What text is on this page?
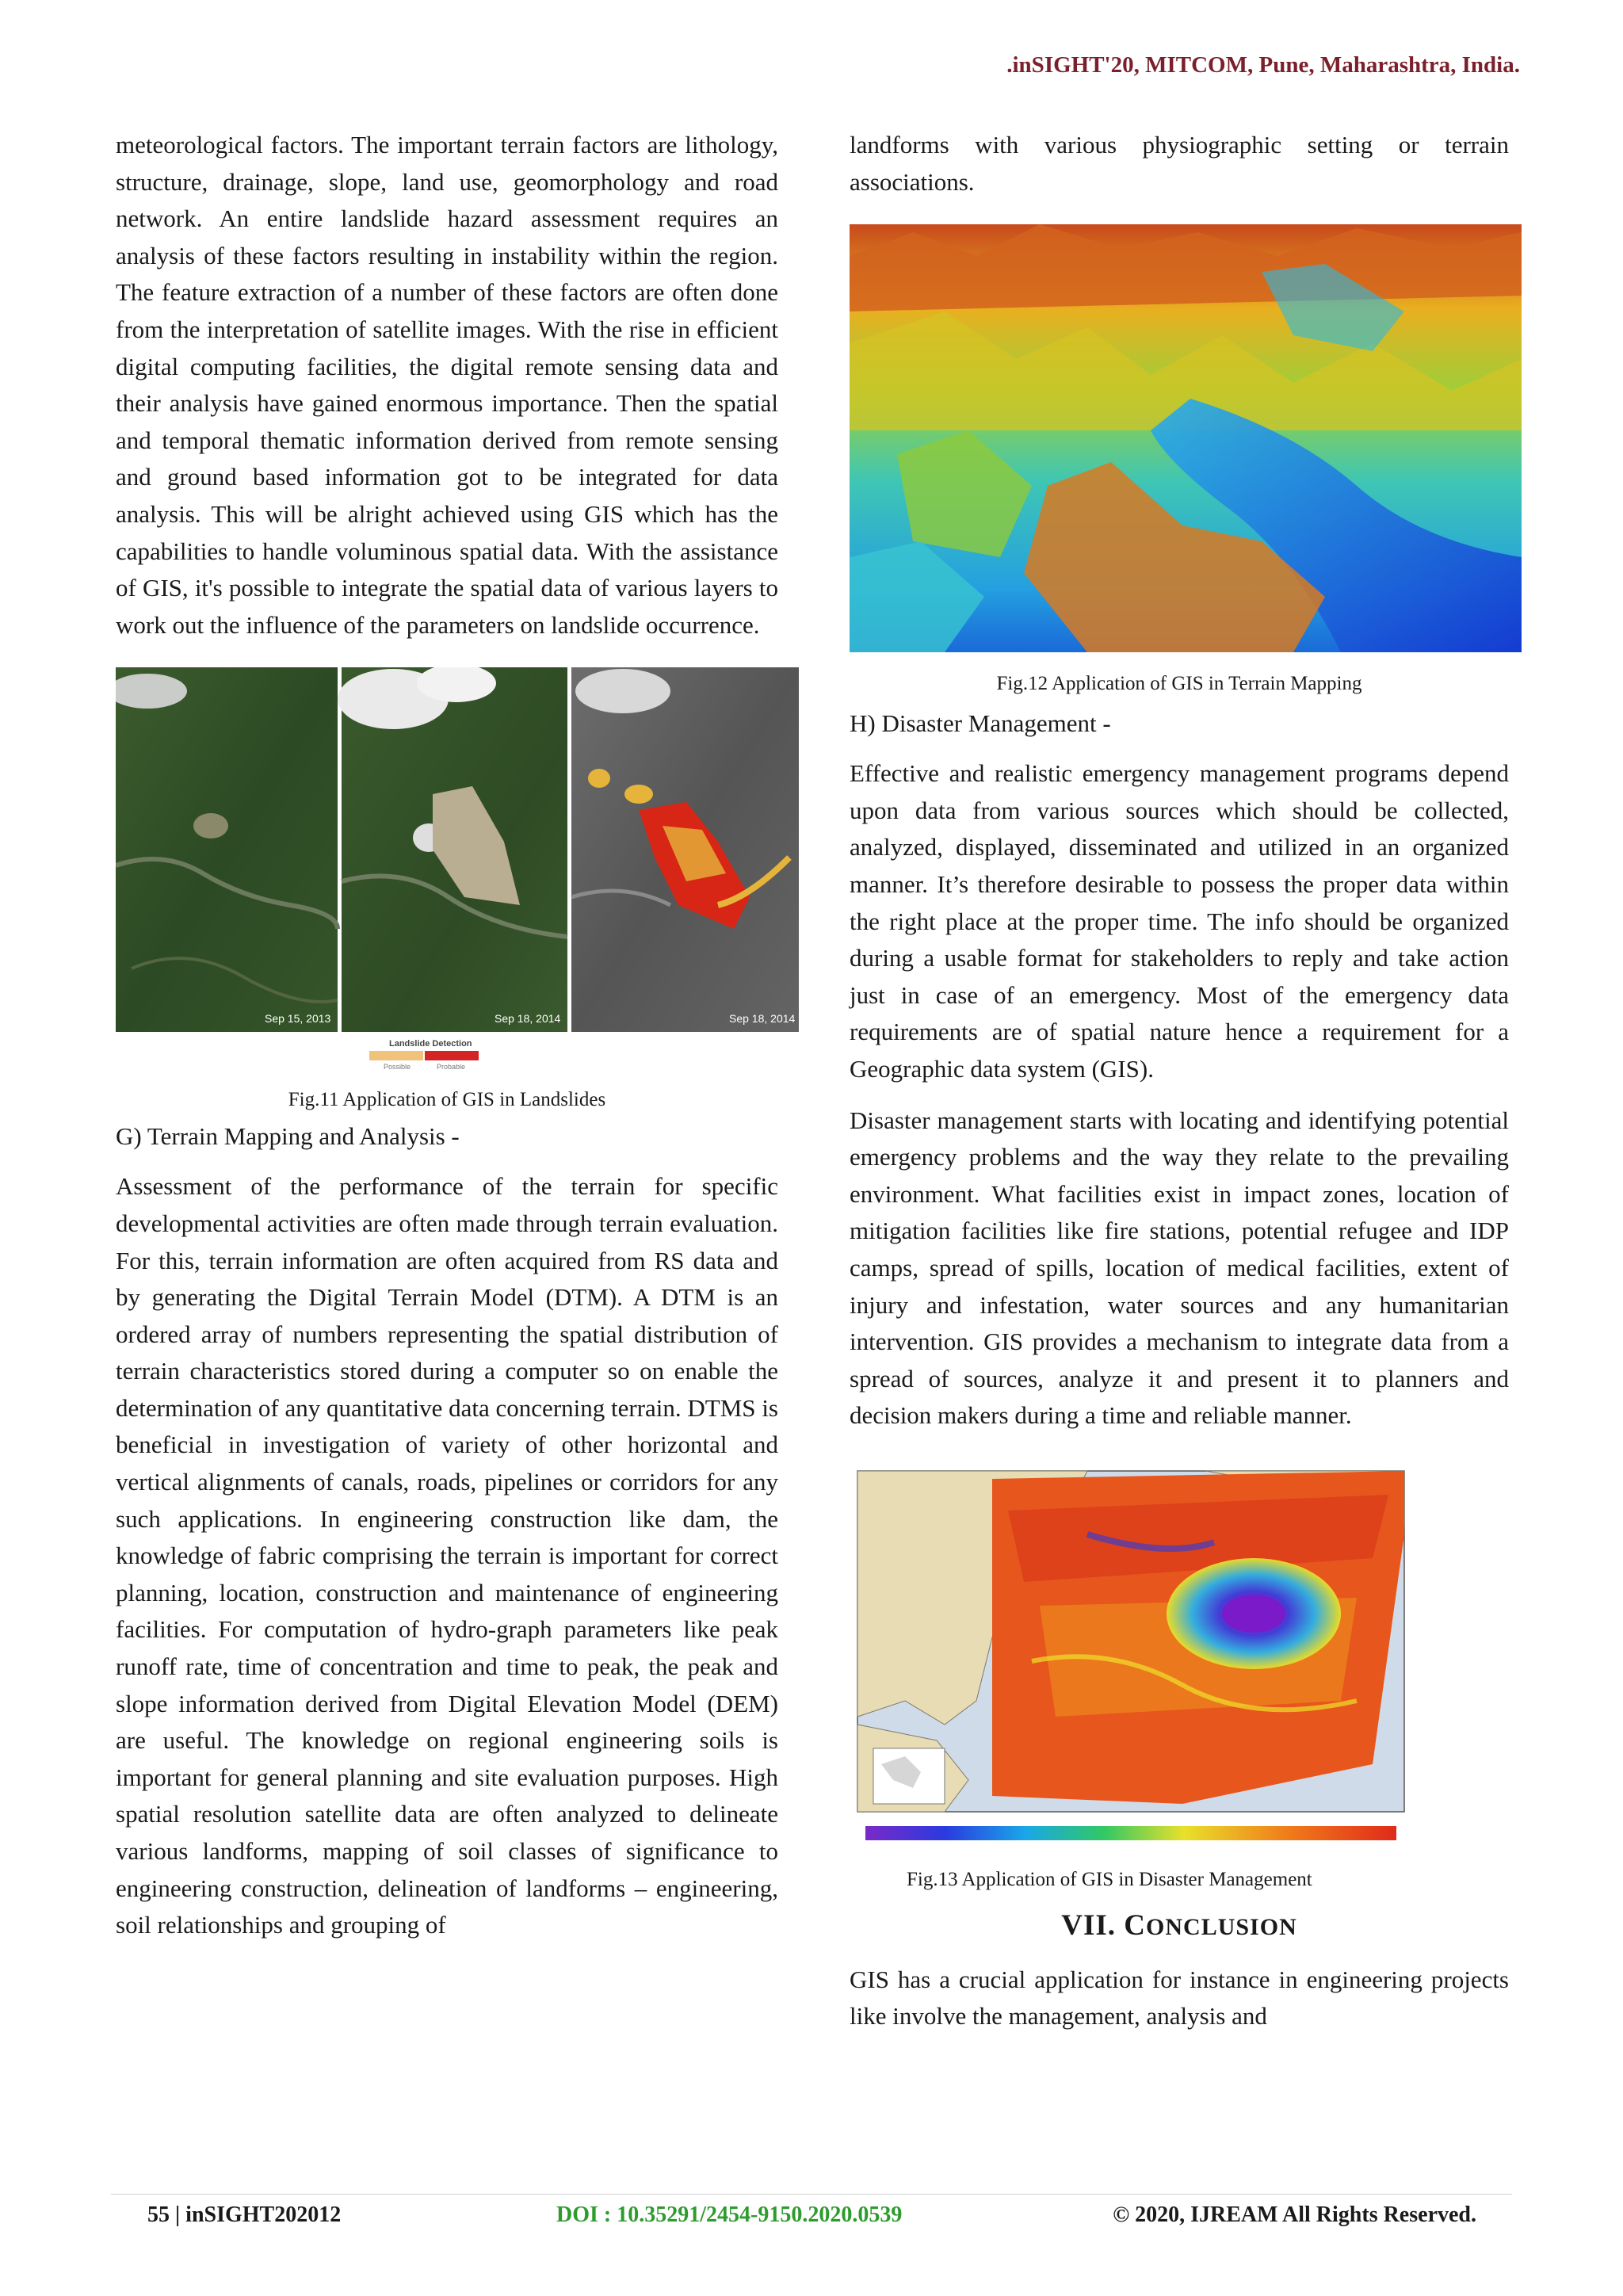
.inSIGHT'20, MITCOM, Pune, Maharashtra, India.

meteorological factors. The important terrain factors are lithology, structure, drainage, slope, land use, geomorphology and road network. An entire landslide hazard assessment requires an analysis of these factors resulting in instability within the region. The feature extraction of a number of these factors are often done from the interpretation of satellite images. With the rise in efficient digital computing facilities, the digital remote sensing data and their analysis have gained enormous importance. Then the spatial and temporal thematic information derived from remote sensing and ground based information got to be integrated for data analysis. This will be alright achieved using GIS which has the capabilities to handle voluminous spatial data. With the assistance of GIS, it's possible to integrate the spatial data of various layers to work out the influence of the parameters on landslide occurrence.

Sep 15, 2013	Sep 18, 2014	Sep 18, 2014
Landslide Detection
Possible	Probable

Fig.11 Application of GIS in Landslides

G) Terrain Mapping and Analysis -

Assessment of the performance of the terrain for specific developmental activities are often made through terrain evaluation. For this, terrain information are often acquired from RS data and by generating the Digital Terrain Model (DTM). A DTM is an ordered array of numbers representing the spatial distribution of terrain characteristics stored during a computer so on enable the determination of any quantitative data concerning terrain. DTMS is beneficial in investigation of variety of other horizontal and vertical alignments of canals, roads, pipelines or corridors for any such applications. In engineering construction like dam, the knowledge of fabric comprising the terrain is important for correct planning, location, construction and maintenance of engineering facilities. For computation of hydro-graph parameters like peak runoff rate, time of concentration and time to peak, the peak and slope information derived from Digital Elevation Model (DEM) are useful. The knowledge on regional engineering soils is important for general planning and site evaluation purposes. High spatial resolution satellite data are often analyzed to delineate various landforms, mapping of soil classes of significance to engineering construction, delineation of landforms – engineering, soil relationships and grouping of

landforms with various physiographic setting or terrain associations.

Fig.12 Application of GIS in Terrain Mapping

H) Disaster Management -

Effective and realistic emergency management programs depend upon data from various sources which should be collected, analyzed, displayed, disseminated and utilized in an organized manner. It’s therefore desirable to possess the proper data within the right place at the proper time. The info should be organized during a usable format for stakeholders to reply and take action just in case of an emergency. Most of the emergency data requirements are of spatial nature hence a requirement for a Geographic data system (GIS).

Disaster management starts with locating and identifying potential emergency problems and the way they relate to the prevailing environment. What facilities exist in impact zones, location of mitigation facilities like fire stations, potential refugee and IDP camps, spread of spills, location of medical facilities, extent of injury and infestation, water sources and any humanitarian intervention. GIS provides a mechanism to integrate data from a spread of sources, analyze it and present it to planners and decision makers during a time and reliable manner.

Fig.13 Application of GIS in Disaster Management

VII. CONCLUSION

GIS has a crucial application for instance in engineering projects like involve the management, analysis and

55 | inSIGHT202012	DOI : 10.35291/2454-9150.2020.0539	© 2020, IJREAM All Rights Reserved.
